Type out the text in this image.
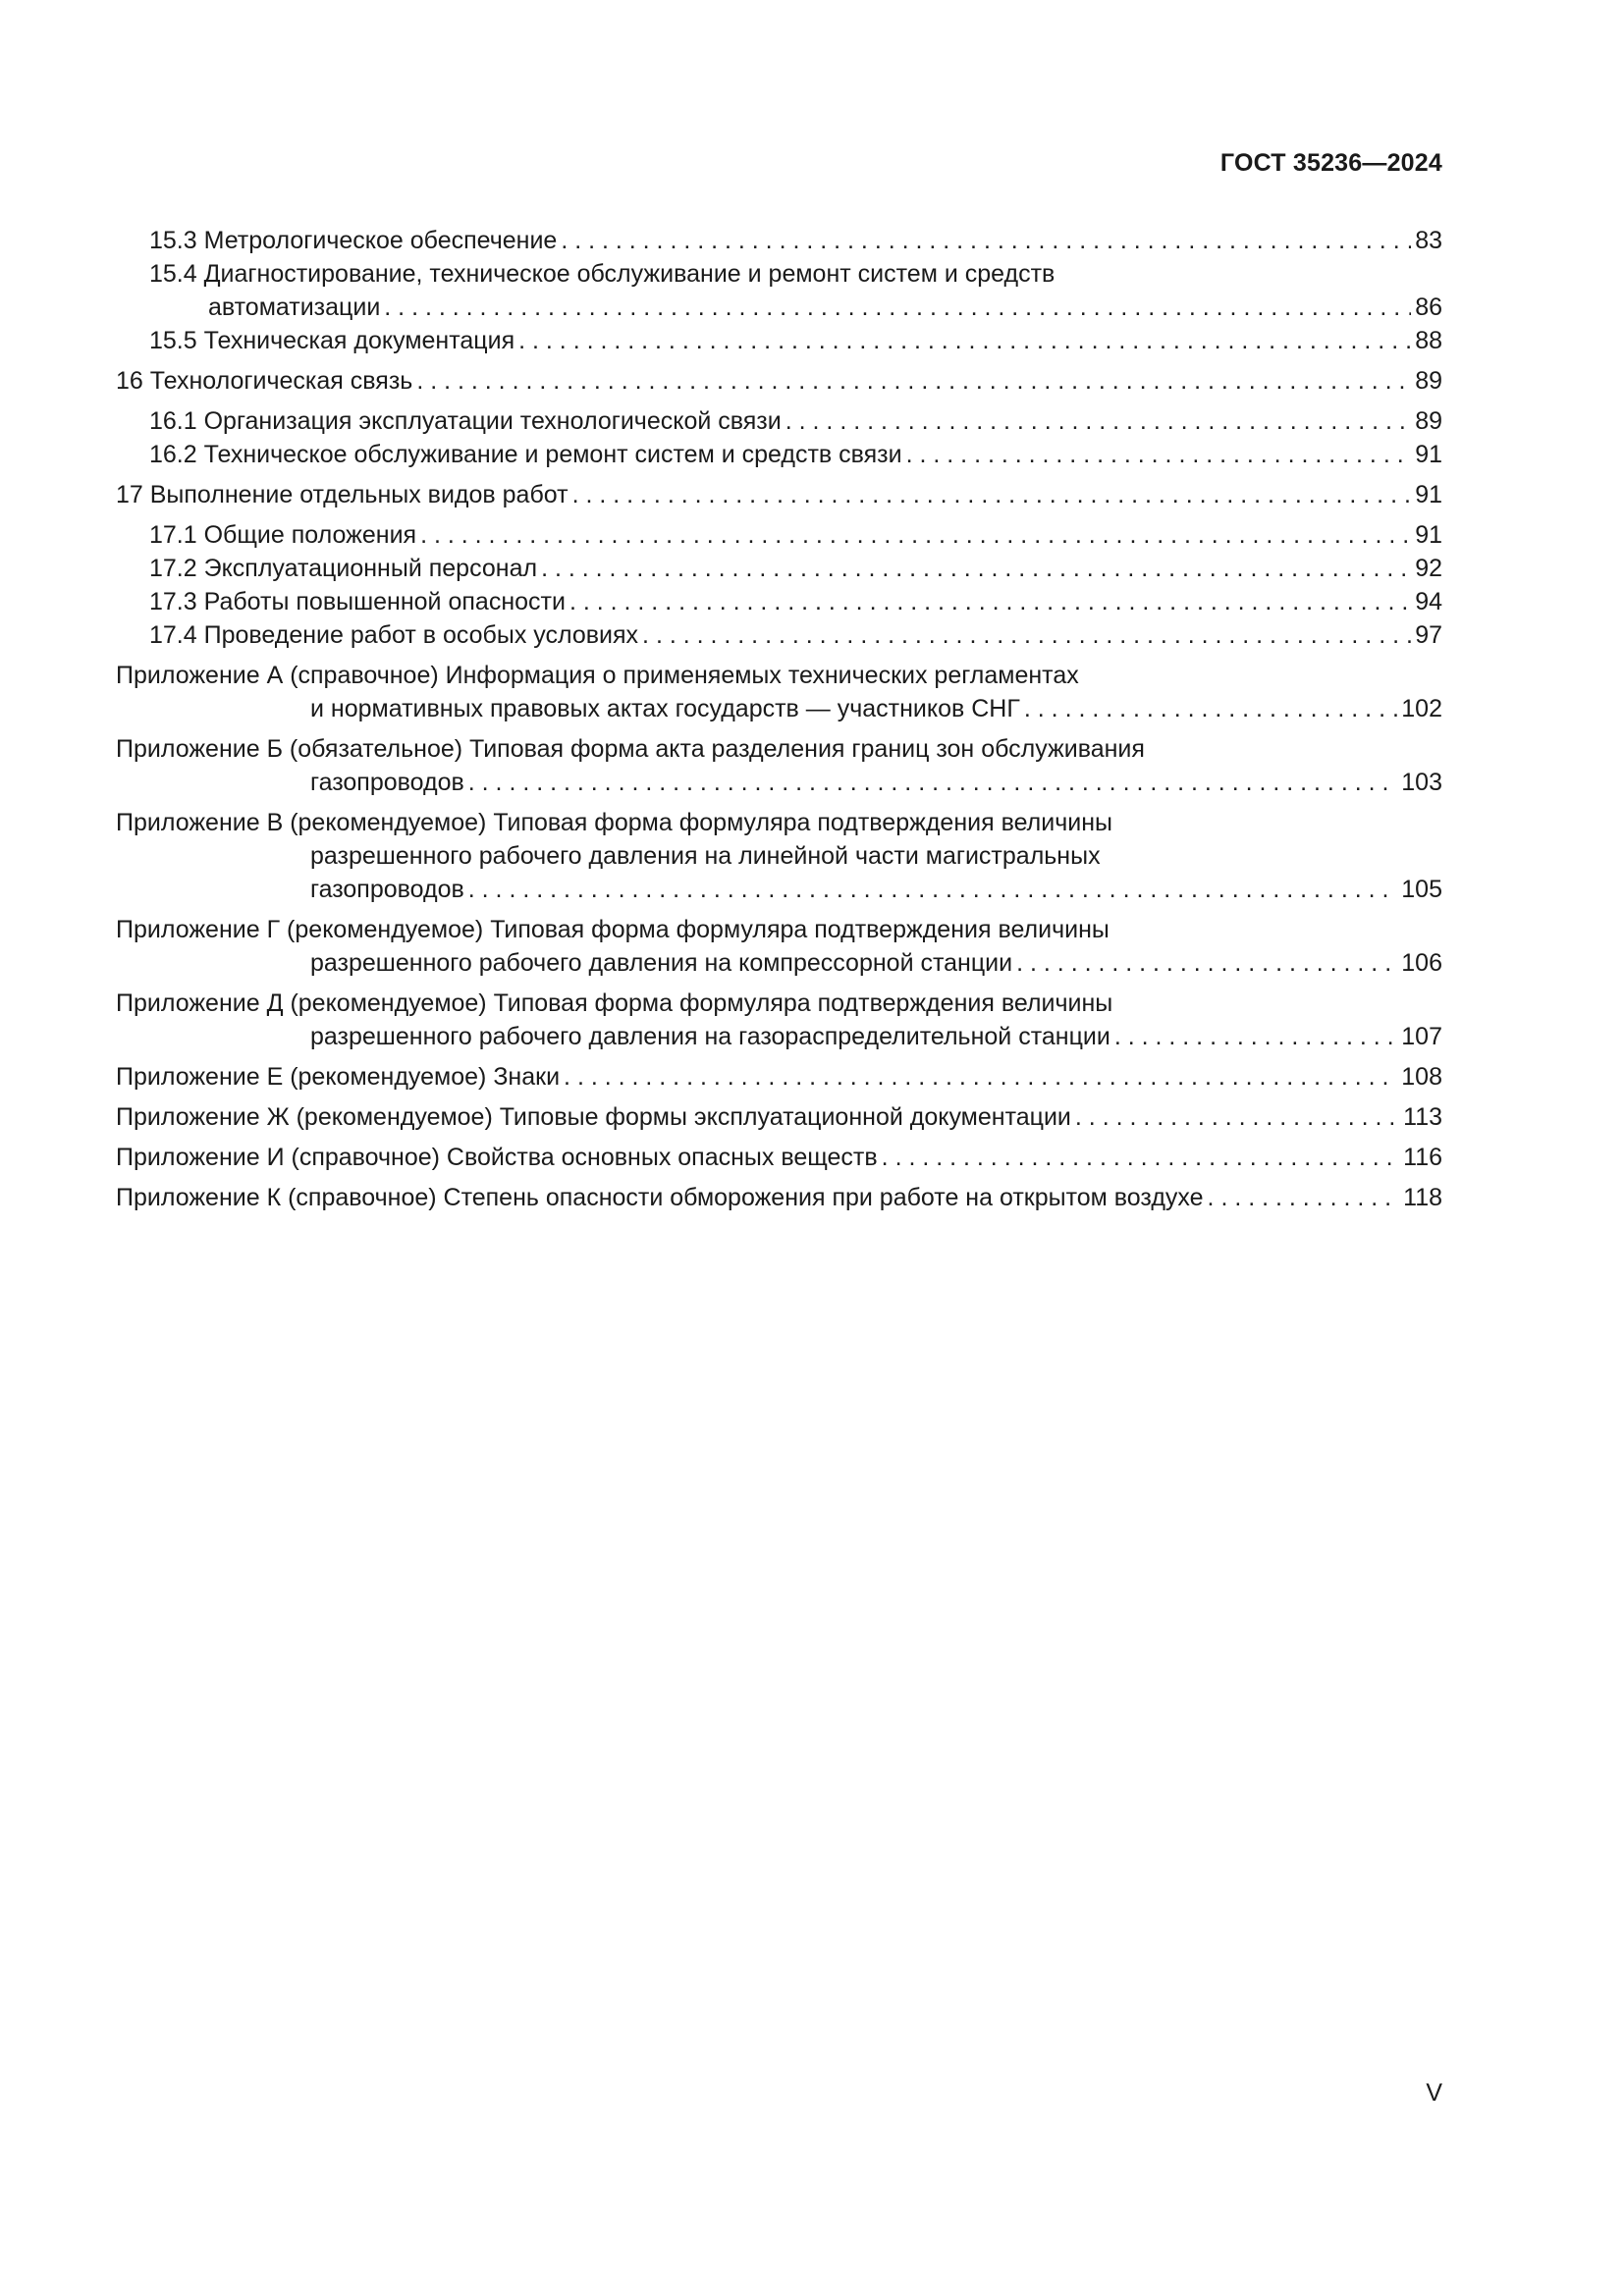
ГОСТ 35236—2024
15.3 Метрологическое обеспечение . . .	83
15.4 Диагностирование, техническое обслуживание и ремонт систем и средств
автоматизации . . .	86
15.5 Техническая документация . . .	88
16 Технологическая связь . . .	89
16.1 Организация эксплуатации технологической связи . . .	89
16.2 Техническое обслуживание и ремонт систем и средств связи . . .	91
17 Выполнение отдельных видов работ . . .	91
17.1 Общие положения . . .	91
17.2 Эксплуатационный персонал . . .	92
17.3 Работы повышенной опасности . . .	94
17.4 Проведение работ в особых условиях . . .	97
Приложение А (справочное) Информация о применяемых технических регламентах
и нормативных правовых актах государств — участников СНГ . . .	102
Приложение Б (обязательное) Типовая форма акта разделения границ зон обслуживания
газопроводов . . .	103
Приложение В (рекомендуемое) Типовая форма формуляра подтверждения величины
разрешенного рабочего давления на линейной части магистральных
газопроводов . . .	105
Приложение Г (рекомендуемое) Типовая форма формуляра подтверждения величины
разрешенного рабочего давления на компрессорной станции . . .	106
Приложение Д (рекомендуемое) Типовая форма формуляра подтверждения величины
разрешенного рабочего давления на газораспределительной станции . . .	107
Приложение Е (рекомендуемое) Знаки . . .	108
Приложение Ж (рекомендуемое) Типовые формы эксплуатационной документации . . .	113
Приложение И (справочное) Свойства основных опасных веществ . . .	116
Приложение К (справочное) Степень опасности обморожения при работе на открытом воздухе . . .	118
V
